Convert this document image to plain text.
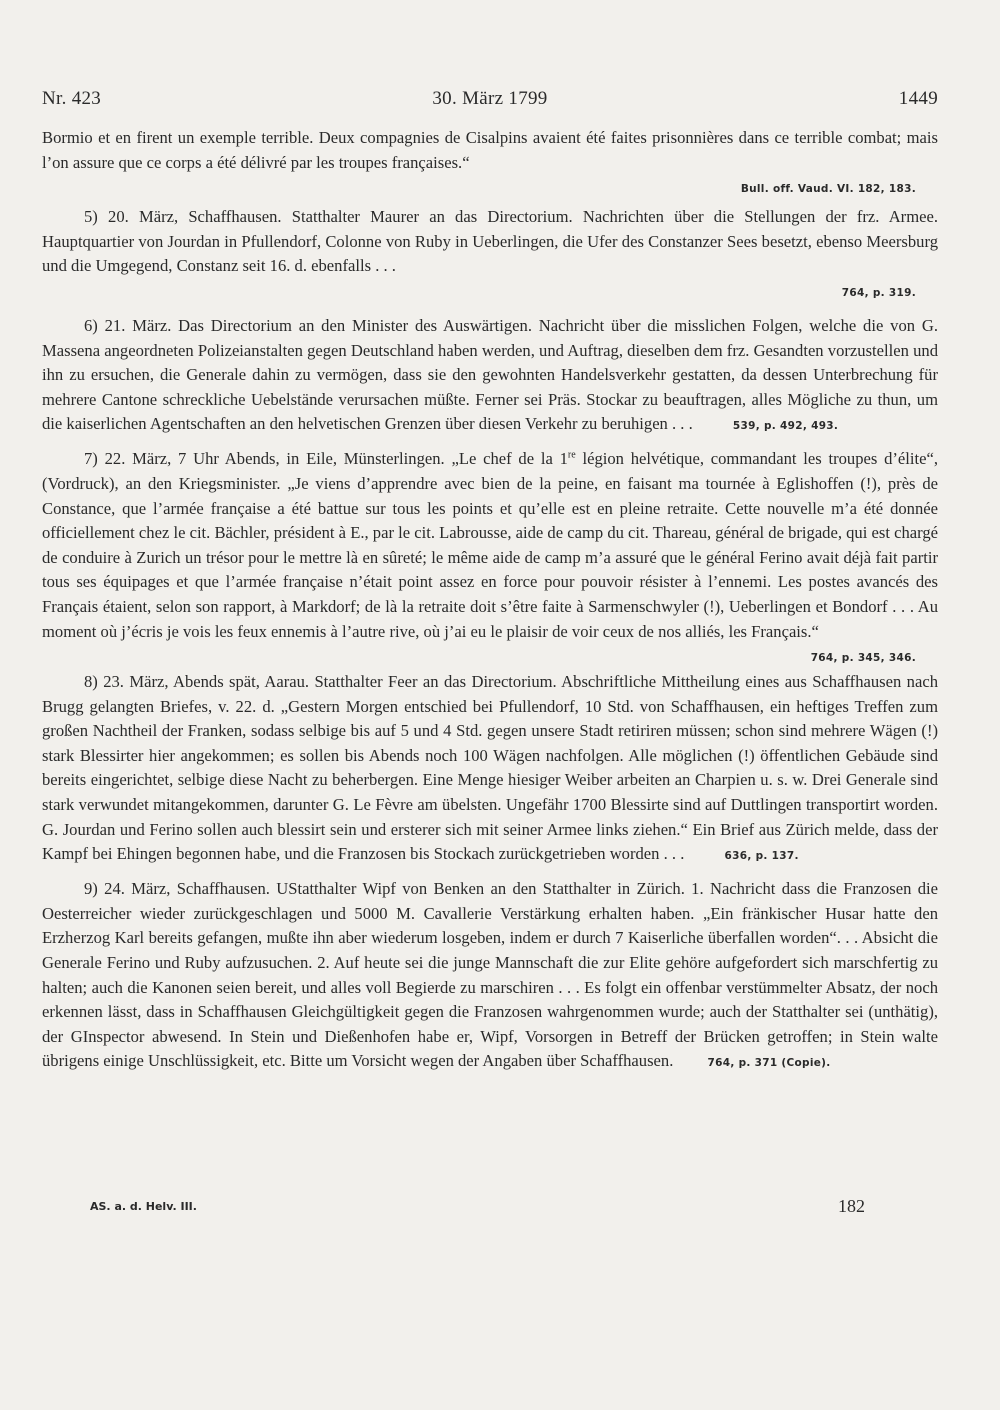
Nr. 423	30. März 1799	1449

Bormio et en firent un exemple terrible. Deux compagnies de Cisalpins avaient été faites prisonnières dans ce terrible combat; mais l’on assure que ce corps a été délivré par les troupes françaises.“

Bull. off. Vaud. VI. 182, 183.

5) 20. März, Schaffhausen. Statthalter Maurer an das Directorium. Nachrichten über die Stellungen der frz. Armee. Hauptquartier von Jourdan in Pfullendorf, Colonne von Ruby in Ueberlingen, die Ufer des Constanzer Sees besetzt, ebenso Meersburg und die Umgegend, Constanz seit 16. d. ebenfalls . . .

764, p. 319.

6) 21. März. Das Directorium an den Minister des Auswärtigen. Nachricht über die misslichen Folgen, welche die von G. Massena angeordneten Polizeianstalten gegen Deutschland haben werden, und Auftrag, dieselben dem frz. Gesandten vorzustellen und ihn zu ersuchen, die Generale dahin zu vermögen, dass sie den gewohnten Handelsverkehr gestatten, da dessen Unterbrechung für mehrere Cantone schreckliche Uebelstände verursachen müßte. Ferner sei Präs. Stockar zu beauftragen, alles Mögliche zu thun, um die kaiserlichen Agentschaften an den helvetischen Grenzen über diesen Verkehr zu beruhigen . . .	539, p. 492, 493.

7) 22. März, 7 Uhr Abends, in Eile, Münsterlingen. „Le chef de la 1re légion helvétique, commandant les troupes d’élite“, (Vordruck), an den Kriegsminister. „Je viens d’apprendre avec bien de la peine, en faisant ma tournée à Eglishoffen (!), près de Constance, que l’armée française a été battue sur tous les points et qu’elle est en pleine retraite. Cette nouvelle m’a été donnée officiellement chez le cit. Bächler, président à E., par le cit. Labrousse, aide de camp du cit. Thareau, général de brigade, qui est chargé de conduire à Zurich un trésor pour le mettre là en sûreté; le même aide de camp m’a assuré que le général Ferino avait déjà fait partir tous ses équipages et que l’armée française n’était point assez en force pour pouvoir résister à l’ennemi. Les postes avancés des Français étaient, selon son rapport, à Markdorf; de là la retraite doit s’être faite à Sarmenschwyler (!), Ueberlingen et Bondorf . . . Au moment où j’écris je vois les feux ennemis à l’autre rive, où j’ai eu le plaisir de voir ceux de nos alliés, les Français.“

764, p. 345, 346.

8) 23. März, Abends spät, Aarau. Statthalter Feer an das Directorium. Abschriftliche Mittheilung eines aus Schaffhausen nach Brugg gelangten Briefes, v. 22. d. „Gestern Morgen entschied bei Pfullendorf, 10 Std. von Schaffhausen, ein heftiges Treffen zum großen Nachtheil der Franken, sodass selbige bis auf 5 und 4 Std. gegen unsere Stadt retiriren müssen; schon sind mehrere Wägen (!) stark Blessirter hier angekommen; es sollen bis Abends noch 100 Wägen nachfolgen. Alle möglichen (!) öffentlichen Gebäude sind bereits eingerichtet, selbige diese Nacht zu beherbergen. Eine Menge hiesiger Weiber arbeiten an Charpien u. s. w. Drei Generale sind stark verwundet mitangekommen, darunter G. Le Fèvre am übelsten. Ungefähr 1700 Blessirte sind auf Duttlingen transportirt worden. G. Jourdan und Ferino sollen auch blessirt sein und ersterer sich mit seiner Armee links ziehen.“ Ein Brief aus Zürich melde, dass der Kampf bei Ehingen begonnen habe, und die Franzosen bis Stockach zurückgetrieben worden . . .	636, p. 137.

9) 24. März, Schaffhausen. UStatthalter Wipf von Benken an den Statthalter in Zürich. 1. Nachricht dass die Franzosen die Oesterreicher wieder zurückgeschlagen und 5000 M. Cavallerie Verstärkung erhalten haben. „Ein fränkischer Husar hatte den Erzherzog Karl bereits gefangen, mußte ihn aber wiederum losgeben, indem er durch 7 Kaiserliche überfallen worden“. . . Absicht die Generale Ferino und Ruby aufzusuchen. 2. Auf heute sei die junge Mannschaft die zur Elite gehöre aufgefordert sich marschfertig zu halten; auch die Kanonen seien bereit, und alles voll Begierde zu marschiren . . . Es folgt ein offenbar verstümmelter Absatz, der noch erkennen lässt, dass in Schaffhausen Gleichgültigkeit gegen die Franzosen wahrgenommen wurde; auch der Statthalter sei (unthätig), der GInspector abwesend. In Stein und Dießenhofen habe er, Wipf, Vorsorgen in Betreff der Brücken getroffen; in Stein walte übrigens einige Unschlüssigkeit, etc. Bitte um Vorsicht wegen der Angaben über Schaffhausen.	764, p. 371 (Copie).

AS. a. d. Helv. III.	182
